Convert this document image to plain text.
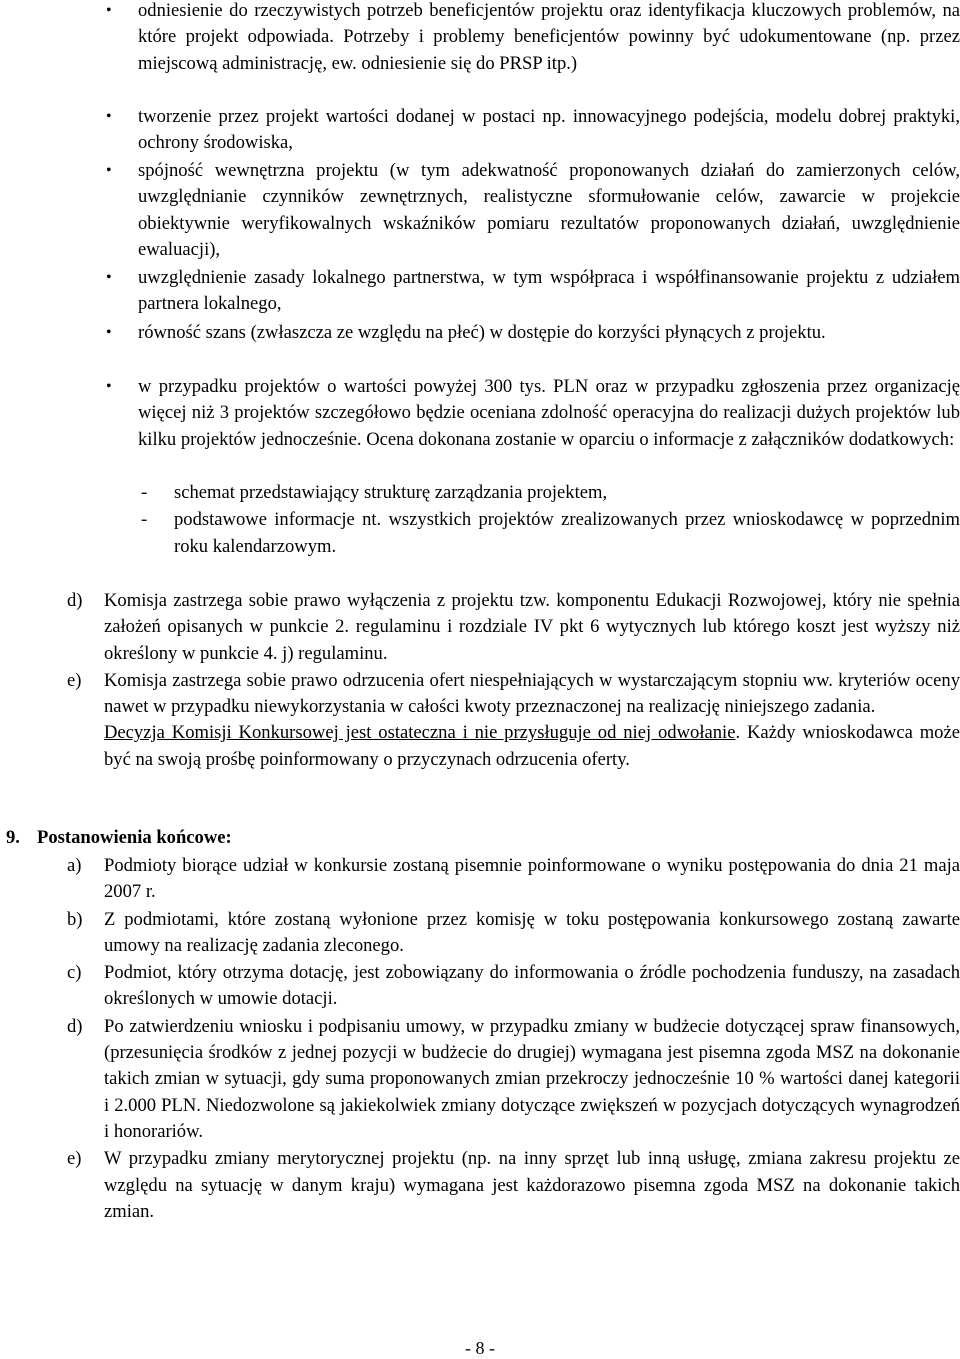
• odniesienie do rzeczywistych potrzeb beneficjentów projektu oraz identyfikacja kluczowych problemów, na które projekt odpowiada. Potrzeby i problemy beneficjentów powinny być udokumentowane (np. przez miejscową administrację, ew. odniesienie się do PRSP itp.)
• tworzenie przez projekt wartości dodanej w postaci np. innowacyjnego podejścia, modelu dobrej praktyki, ochrony środowiska,
• spójność wewnętrzna projektu (w tym adekwatność proponowanych działań do zamierzonych celów, uwzględnianie czynników zewnętrznych, realistyczne sformułowanie celów, zawarcie w projekcie obiektywnie weryfikowalnych wskaźników pomiaru rezultatów proponowanych działań, uwzględnienie ewaluacji),
• uwzględnienie zasady lokalnego partnerstwa, w tym współpraca i współfinansowanie projektu z udziałem partnera lokalnego,
• równość szans (zwłaszcza ze względu na płeć) w dostępie do korzyści płynących z projektu.
• w przypadku projektów o wartości powyżej 300 tys. PLN oraz w przypadku zgłoszenia przez organizację więcej niż 3 projektów szczegółowo będzie oceniana zdolność operacyjna do realizacji dużych projektów lub kilku projektów jednocześnie. Ocena dokonana zostanie w oparciu o informacje z załączników dodatkowych:
- schemat przedstawiający strukturę zarządzania projektem,
- podstawowe informacje nt. wszystkich projektów zrealizowanych przez wnioskodawcę w poprzednim roku kalendarzowym.
d) Komisja zastrzega sobie prawo wyłączenia z projektu tzw. komponentu Edukacji Rozwojowej, który nie spełnia założeń opisanych w punkcie 2. regulaminu i rozdziale IV pkt 6 wytycznych lub którego koszt jest wyższy niż określony w punkcie 4. j) regulaminu.
e) Komisja zastrzega sobie prawo odrzucenia ofert niespełniających w wystarczającym stopniu ww. kryteriów oceny nawet w przypadku niewykorzystania w całości kwoty przeznaczonej na realizację niniejszego zadania.
Decyzja Komisji Konkursowej jest ostateczna i nie przysługuje od niej odwołanie. Każdy wnioskodawca może być na swoją prośbę poinformowany o przyczynach odrzucenia oferty.
9. Postanowienia końcowe:
a) Podmioty biorące udział w konkursie zostaną pisemnie poinformowane o wyniku postępowania do dnia 21 maja 2007 r.
b) Z podmiotami, które zostaną wyłonione przez komisję w toku postępowania konkursowego zostaną zawarte umowy na realizację zadania zleconego.
c) Podmiot, który otrzyma dotację, jest zobowiązany do informowania o źródle pochodzenia funduszy, na zasadach określonych w umowie dotacji.
d) Po zatwierdzeniu wniosku i podpisaniu umowy, w przypadku zmiany w budżecie dotyczącej spraw finansowych, (przesunięcia środków z jednej pozycji w budżecie do drugiej) wymagana jest pisemna zgoda MSZ na dokonanie takich zmian w sytuacji, gdy suma proponowanych zmian przekroczy jednocześnie 10 % wartości danej kategorii i 2.000 PLN. Niedozwolone są jakiekolwiek zmiany dotyczące zwiększeń w pozycjach dotyczących wynagrodzeń i honorariów.
e) W przypadku zmiany merytorycznej projektu (np. na inny sprzęt lub inną usługę, zmiana zakresu projektu ze względu na sytuację w danym kraju) wymagana jest każdorazowo pisemna zgoda MSZ na dokonanie takich zmian.
- 8 -
